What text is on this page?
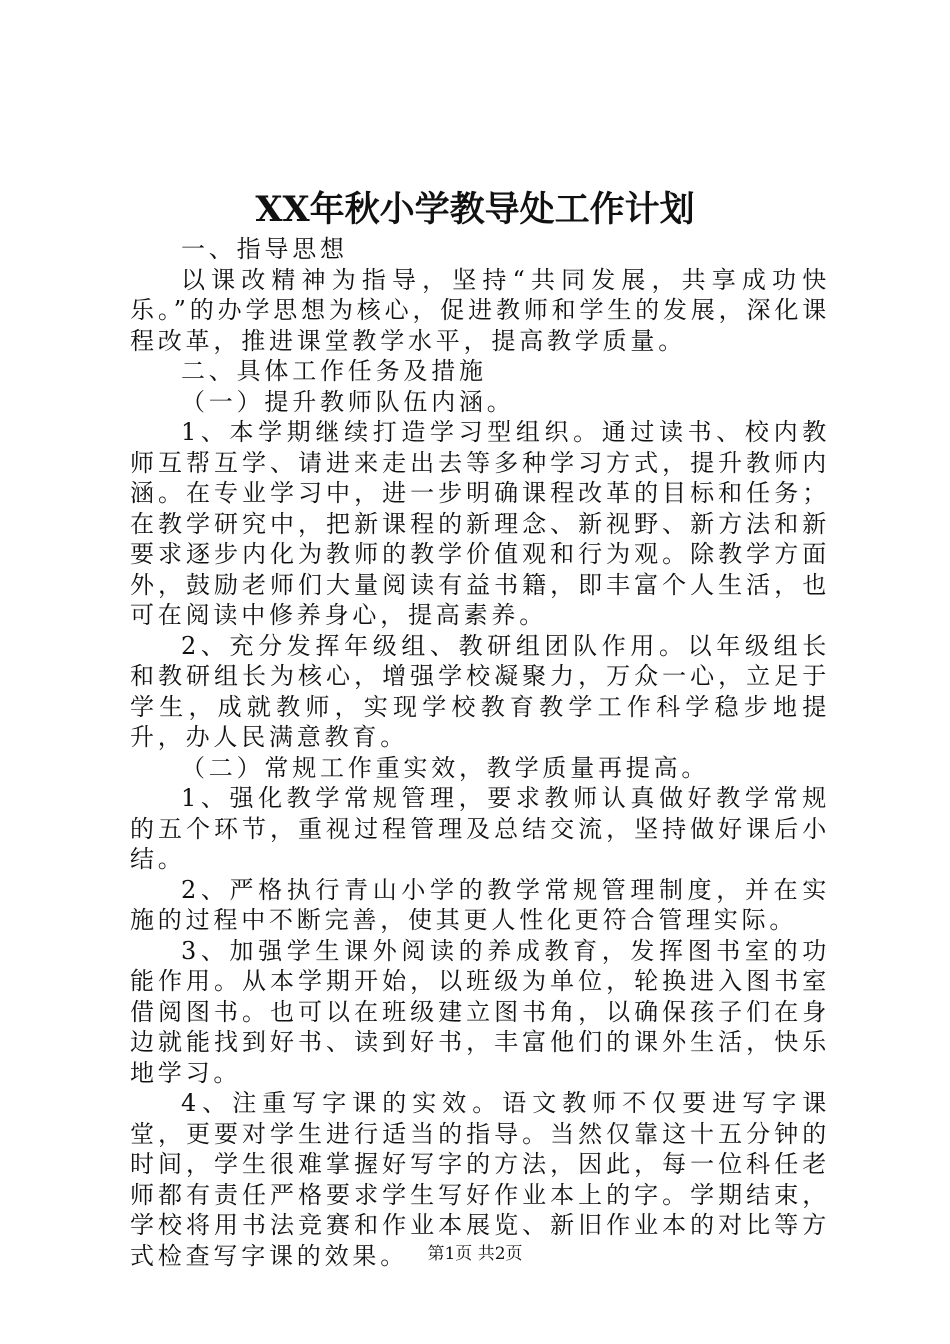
XX年秋小学教导处工作计划

一、指导思想

以课改精神为指导，坚持“共同发展，共享成功快乐。”的办学思想为核心，促进教师和学生的发展，深化课程改革，推进课堂教学水平，提高教学质量。

二、具体工作任务及措施

（一）提升教师队伍内涵。

1、本学期继续打造学习型组织。通过读书、校内教师互帮互学、请进来走出去等多种学习方式，提升教师内涵。在专业学习中，进一步明确课程改革的目标和任务；在教学研究中，把新课程的新理念、新视野、新方法和新要求逐步内化为教师的教学价值观和行为观。除教学方面外，鼓励老师们大量阅读有益书籍，即丰富个人生活，也可在阅读中修养身心，提高素养。

2、充分发挥年级组、教研组团队作用。以年级组长和教研组长为核心，增强学校凝聚力，万众一心，立足于学生，成就教师，实现学校教育教学工作科学稳步地提升，办人民满意教育。

（二）常规工作重实效，教学质量再提高。

1、强化教学常规管理，要求教师认真做好教学常规的五个环节，重视过程管理及总结交流，坚持做好课后小结。

2、严格执行青山小学的教学常规管理制度，并在实施的过程中不断完善，使其更人性化更符合管理实际。

3、加强学生课外阅读的养成教育，发挥图书室的功能作用。从本学期开始，以班级为单位，轮换进入图书室借阅图书。也可以在班级建立图书角，以确保孩子们在身边就能找到好书、读到好书，丰富他们的课外生活，快乐地学习。

4、注重写字课的实效。语文教师不仅要进写字课堂，更要对学生进行适当的指导。当然仅靠这十五分钟的时间，学生很难掌握好写字的方法，因此，每一位科任老师都有责任严格要求学生写好作业本上的字。学期结束，学校将用书法竞赛和作业本展览、新旧作业本的对比等方式检查写字课的效果。	第1页 共2页
